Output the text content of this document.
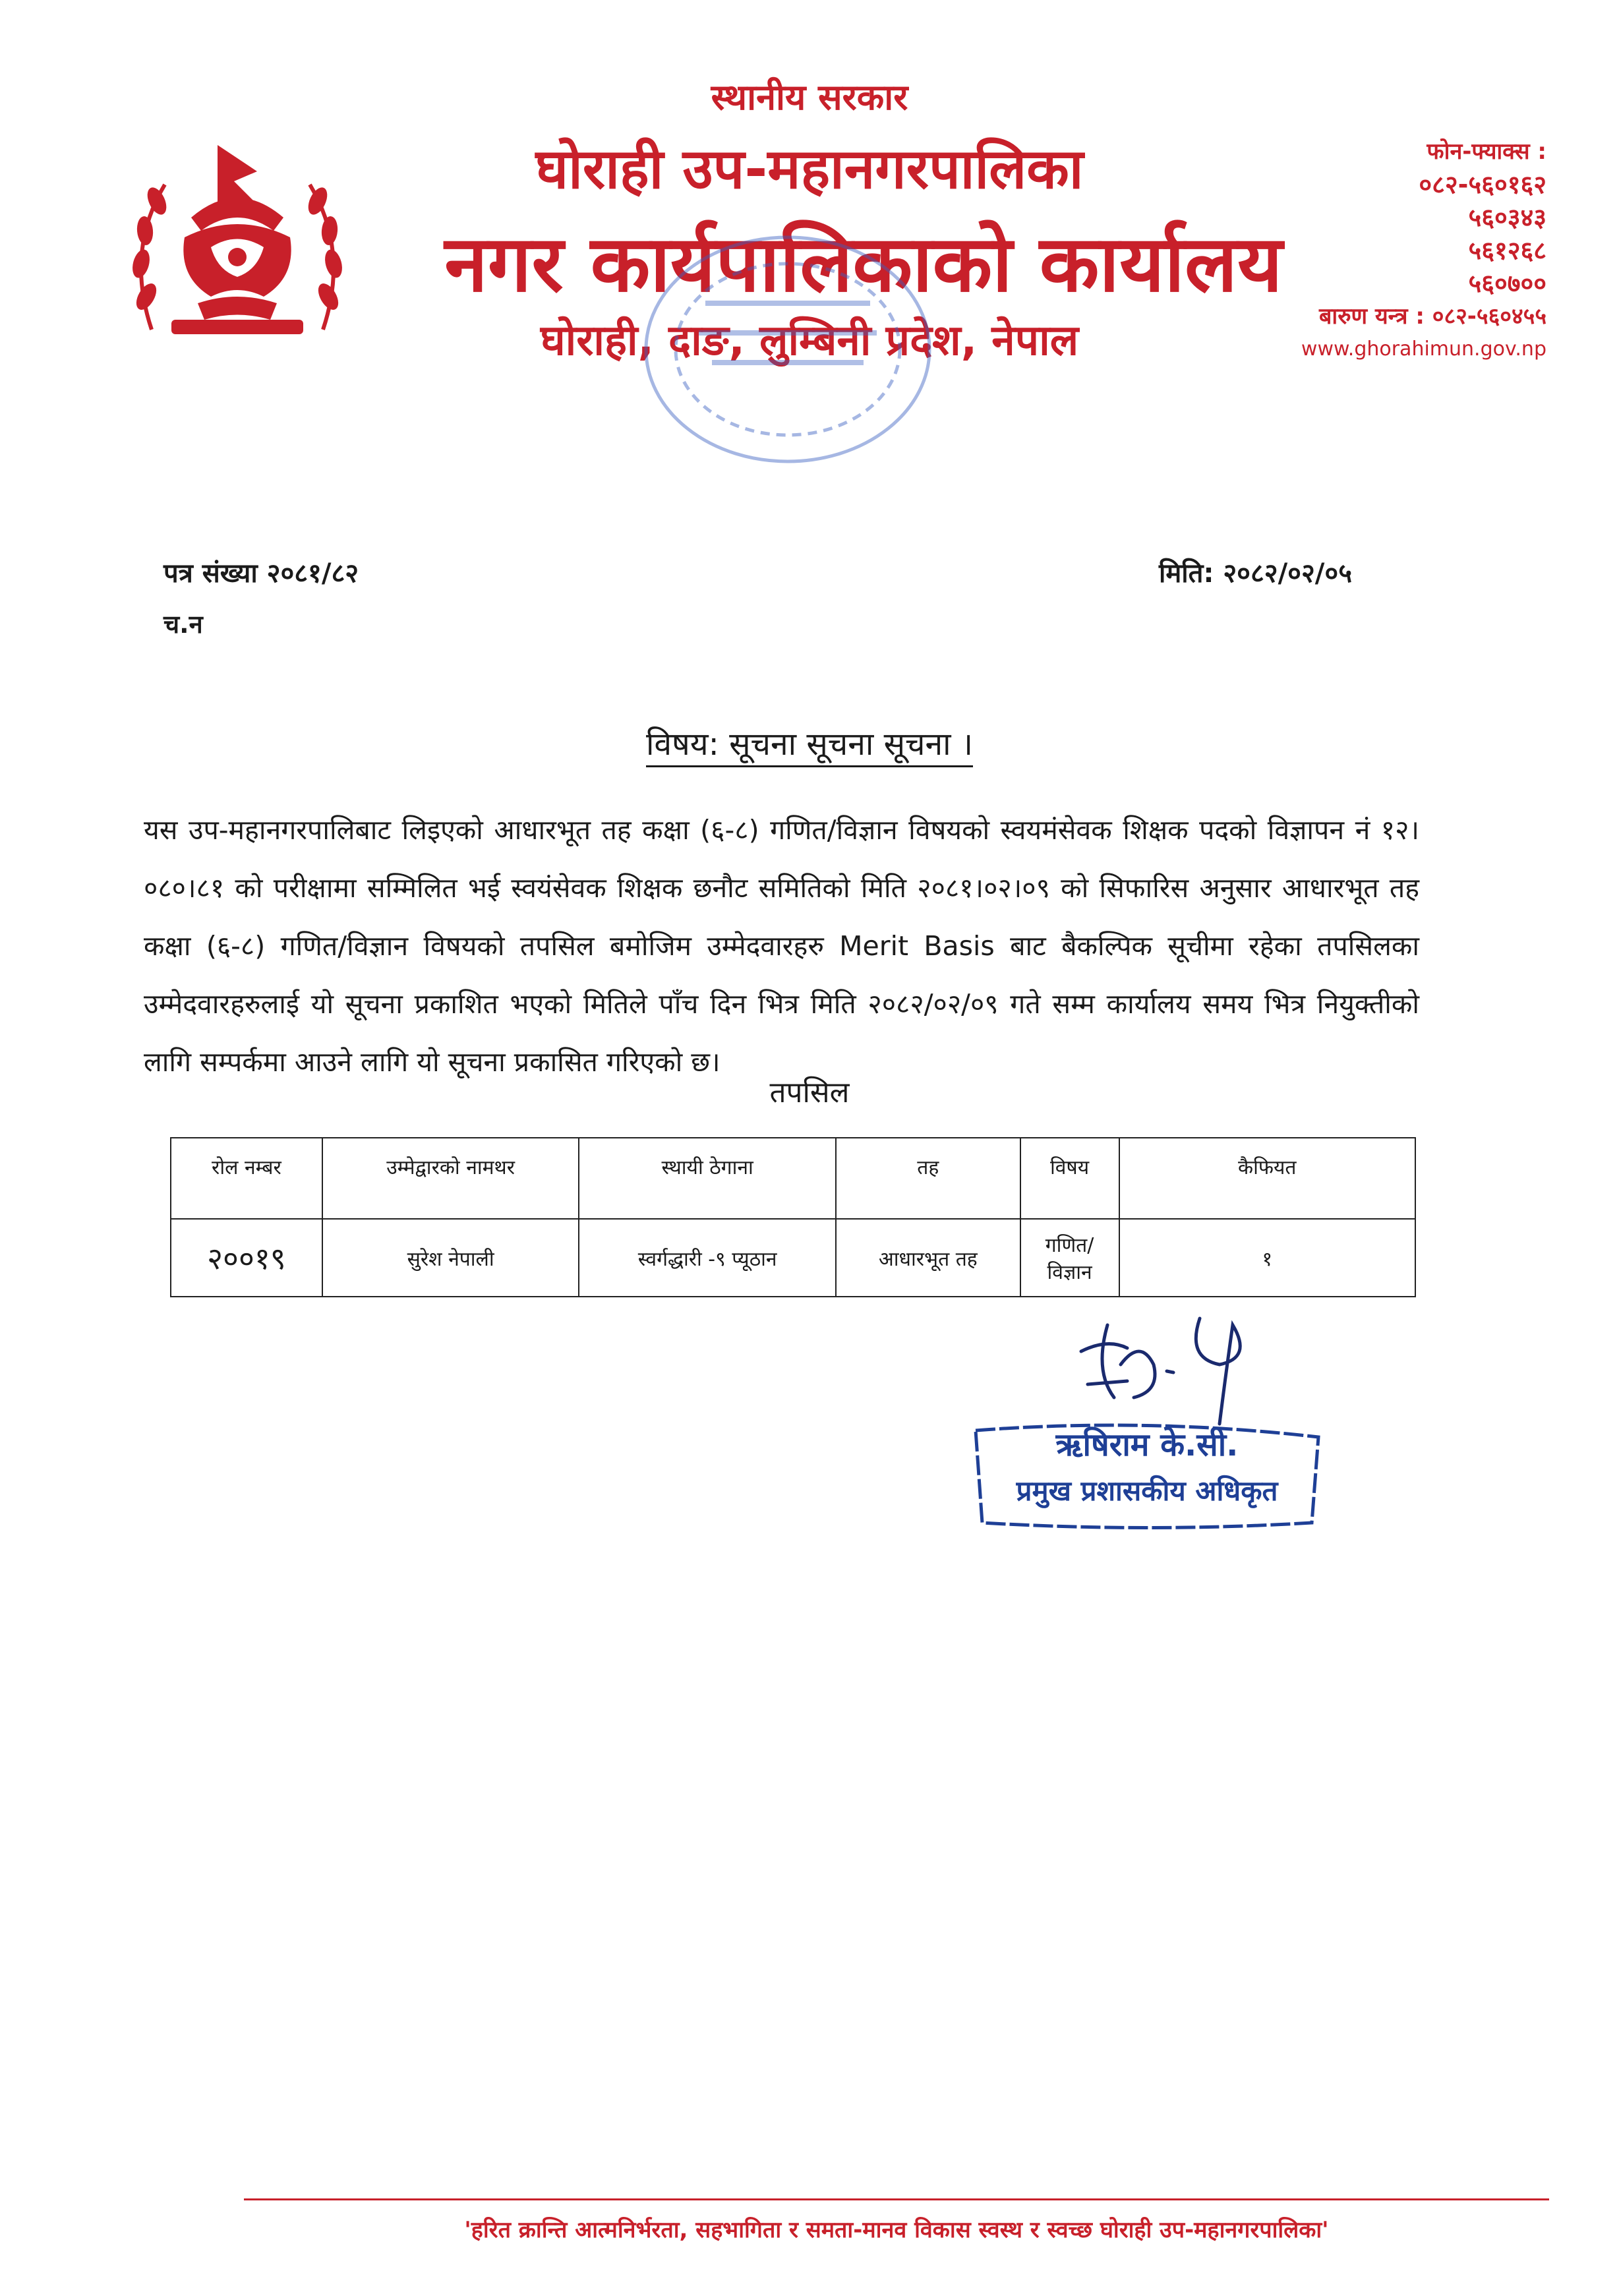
स्थानीय सरकार
घोराही उप-महानगरपालिका
नगर कार्यपालिकाको कार्यालय
घोराही, दाङ, लुम्बिनी प्रदेश, नेपाल
फोन-फ्याक्स :
०८२-५६०१६२
५६०३४३
५६१२६८
५६०७००
बारुण यन्त्र : ०८२-५६०४५५
www.ghorahimun.gov.np
पत्र संख्या २०८१/८२
च.न
मिति: २०८२/०२/०५
विषय: सूचना सूचना सूचना ।
यस उप-महानगरपालिबाट लिइएको आधारभूत तह कक्षा (६-८) गणित/विज्ञान विषयको स्वयमंसेवक शिक्षक पदको विज्ञापन नं १२।०८०।८१ को परीक्षामा सम्मिलित भई स्वयंसेवक शिक्षक छनौट समितिको मिति २०८१।०२।०९ को सिफारिस अनुसार आधारभूत तह कक्षा (६-८) गणित/विज्ञान विषयको तपसिल बमोजिम उम्मेदवारहरु Merit Basis बाट बैकल्पिक सूचीमा रहेका तपसिलका उम्मेदवारहरुलाई यो सूचना प्रकाशित भएको मितिले पाँच दिन भित्र मिति २०८२/०२/०९ गते सम्म कार्यालय समय भित्र नियुक्तीको लागि सम्पर्कमा आउने लागि यो सूचना प्रकासित गरिएको छ।
तपसिल
रोल नम्बर	उम्मेद्वारको नामथर	स्थायी ठेगाना	तह	विषय	कैफियत
२००१९	सुरेश नेपाली	स्वर्गद्धारी -९ प्यूठान	आधारभूत तह	गणित/ विज्ञान	१
ऋषिराम के.सी.
प्रमुख प्रशासकीय अधिकृत
'हरित क्रान्ति आत्मनिर्भरता, सहभागिता र समता-मानव विकास स्वस्थ र स्वच्छ घोराही उप-महानगरपालिका'
